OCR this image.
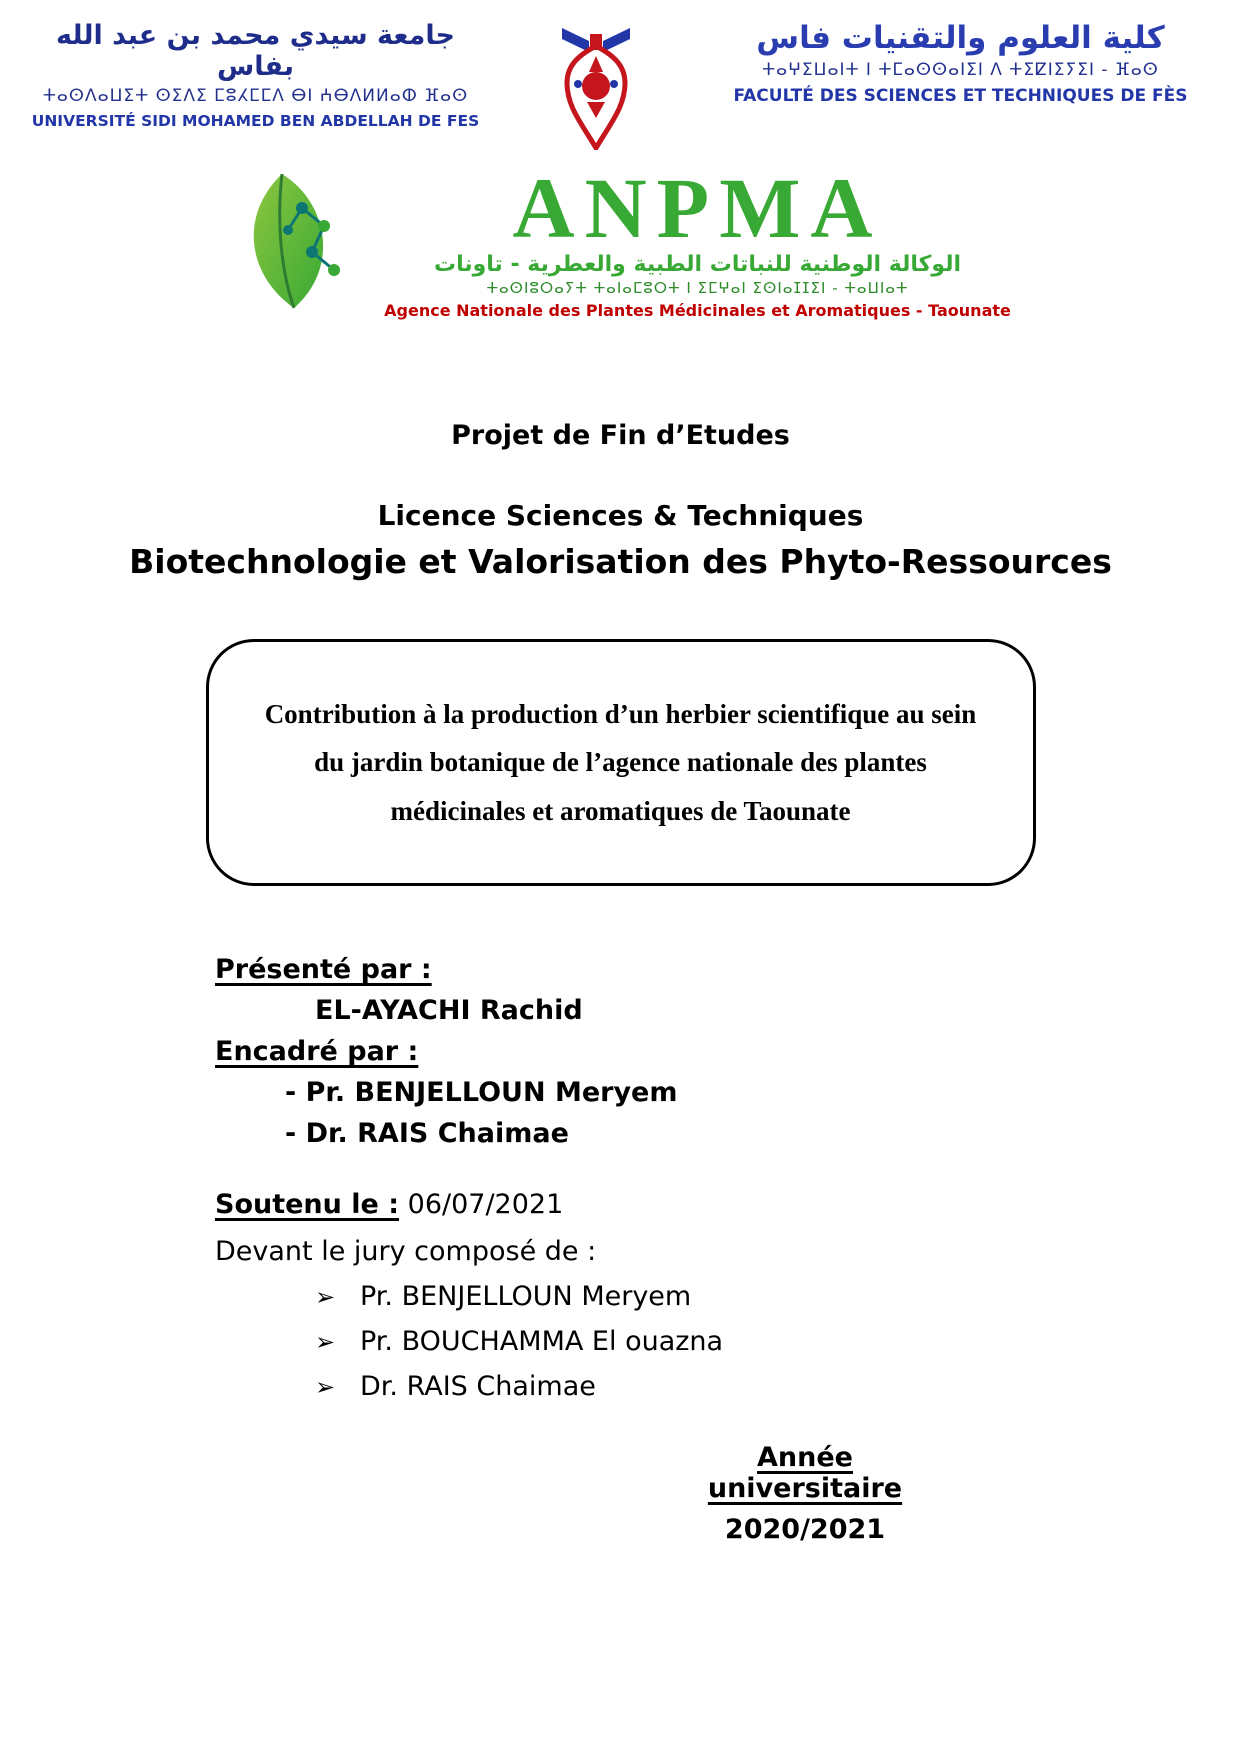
جامعة سيدي محمد بن عبد الله بفاس
ⵜⴰⵙⴷⴰⵡⵉⵜ ⵙⵉⴷⵉ ⵎⵓⵃⵎⵎⴷ ⴱⵏ ⵄⴱⴷⵍⵍⴰⵀ ⴼⴰⵙ
UNIVERSITÉ SIDI MOHAMED BEN ABDELLAH DE FES
كلية العلوم والتقنيات فاس
ⵜⴰⵖⵉⵡⴰⵏⵜ ⵏ ⵜⵎⴰⵙⵙⴰⵏⵉⵏ ⴷ ⵜⵉⵇⵏⵉⵢⵉⵏ - ⴼⴰⵙ
FACULTÉ DES SCIENCES ET TECHNIQUES DE FÈS
ANPMA
الوكالة الوطنية للنباتات الطبية والعطرية - تاونات
ⵜⴰⵙⵏⵓⵔⴰⵢⵜ ⵜⴰⵏⴰⵎⵓⵔⵜ ⵏ ⵉⵎⵖⴰⵏ ⵉⵙⵏⴰⵊⵊⵉⵏ - ⵜⴰⵡⵏⴰⵜ
Agence Nationale des Plantes Médicinales et Aromatiques - Taounate
Projet de Fin d’Etudes
Licence Sciences & Techniques
Biotechnologie et Valorisation des Phyto-Ressources
Contribution à la production d’un herbier scientifique au sein du jardin botanique de l’agence nationale des plantes médicinales et aromatiques de Taounate
Présenté par :
EL-AYACHI Rachid
Encadré par :
- Pr. BENJELLOUN Meryem
- Dr. RAIS Chaimae
Soutenu le : 06/07/2021
Devant le jury composé de :
➢ Pr. BENJELLOUN Meryem
➢ Pr. BOUCHAMMA El ouazna
➢ Dr. RAIS Chaimae
Année universitaire
2020/2021
